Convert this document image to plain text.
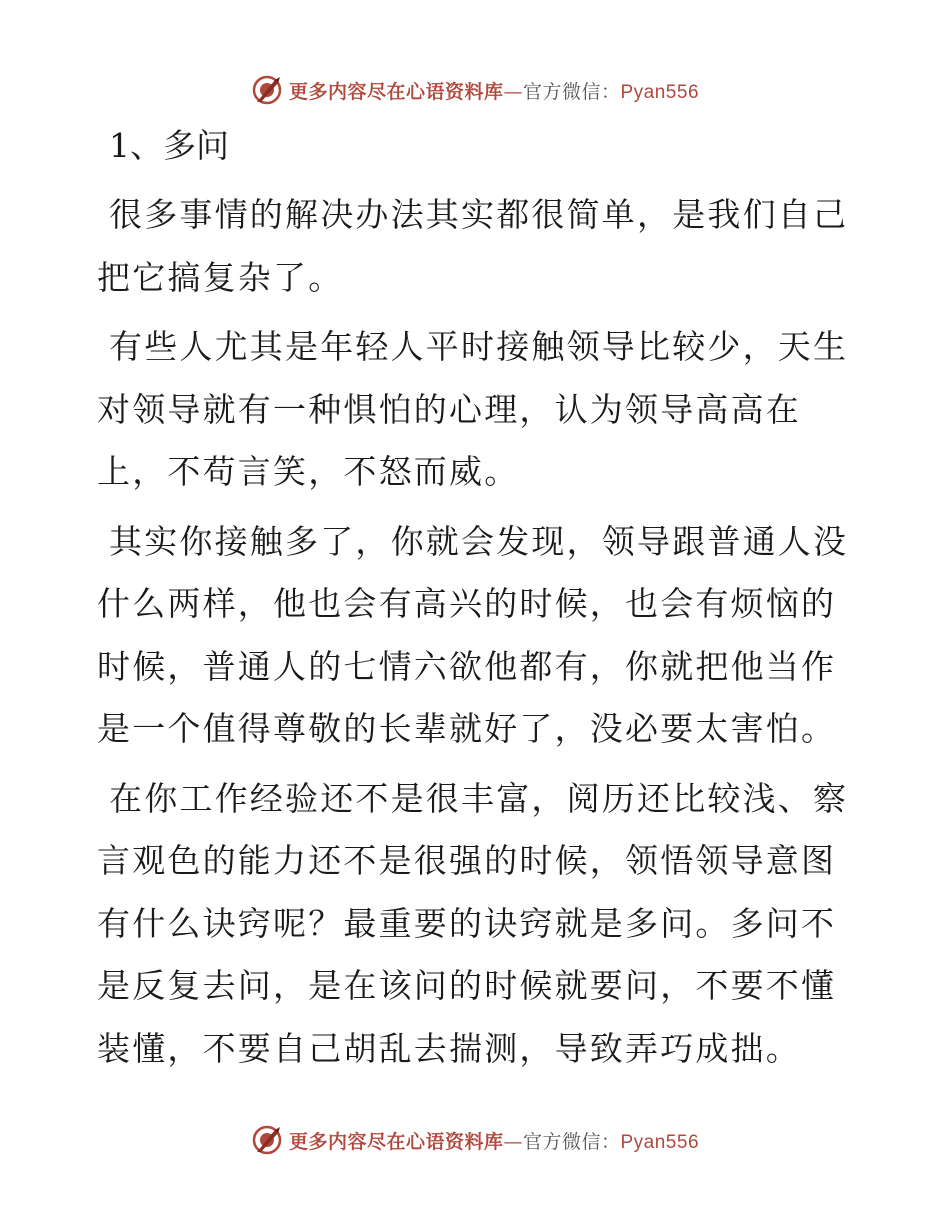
更多内容尽在心语资料库—官方微信：Pyan556
1、多问

很多事情的解决办法其实都很简单，是我们自己把它搞复杂了。

有些人尤其是年轻人平时接触领导比较少，天生对领导就有一种惧怕的心理，认为领导高高在上，不苟言笑，不怒而威。

其实你接触多了，你就会发现，领导跟普通人没什么两样，他也会有高兴的时候，也会有烦恼的时候，普通人的七情六欲他都有，你就把他当作是一个值得尊敬的长辈就好了，没必要太害怕。

在你工作经验还不是很丰富，阅历还比较浅、察言观色的能力还不是很强的时候，领悟领导意图有什么诀窍呢？最重要的诀窍就是多问。多问不是反复去问，是在该问的时候就要问，不要不懂装懂，不要自己胡乱去揣测，导致弄巧成拙。

更多内容尽在心语资料库—官方微信：Pyan556
